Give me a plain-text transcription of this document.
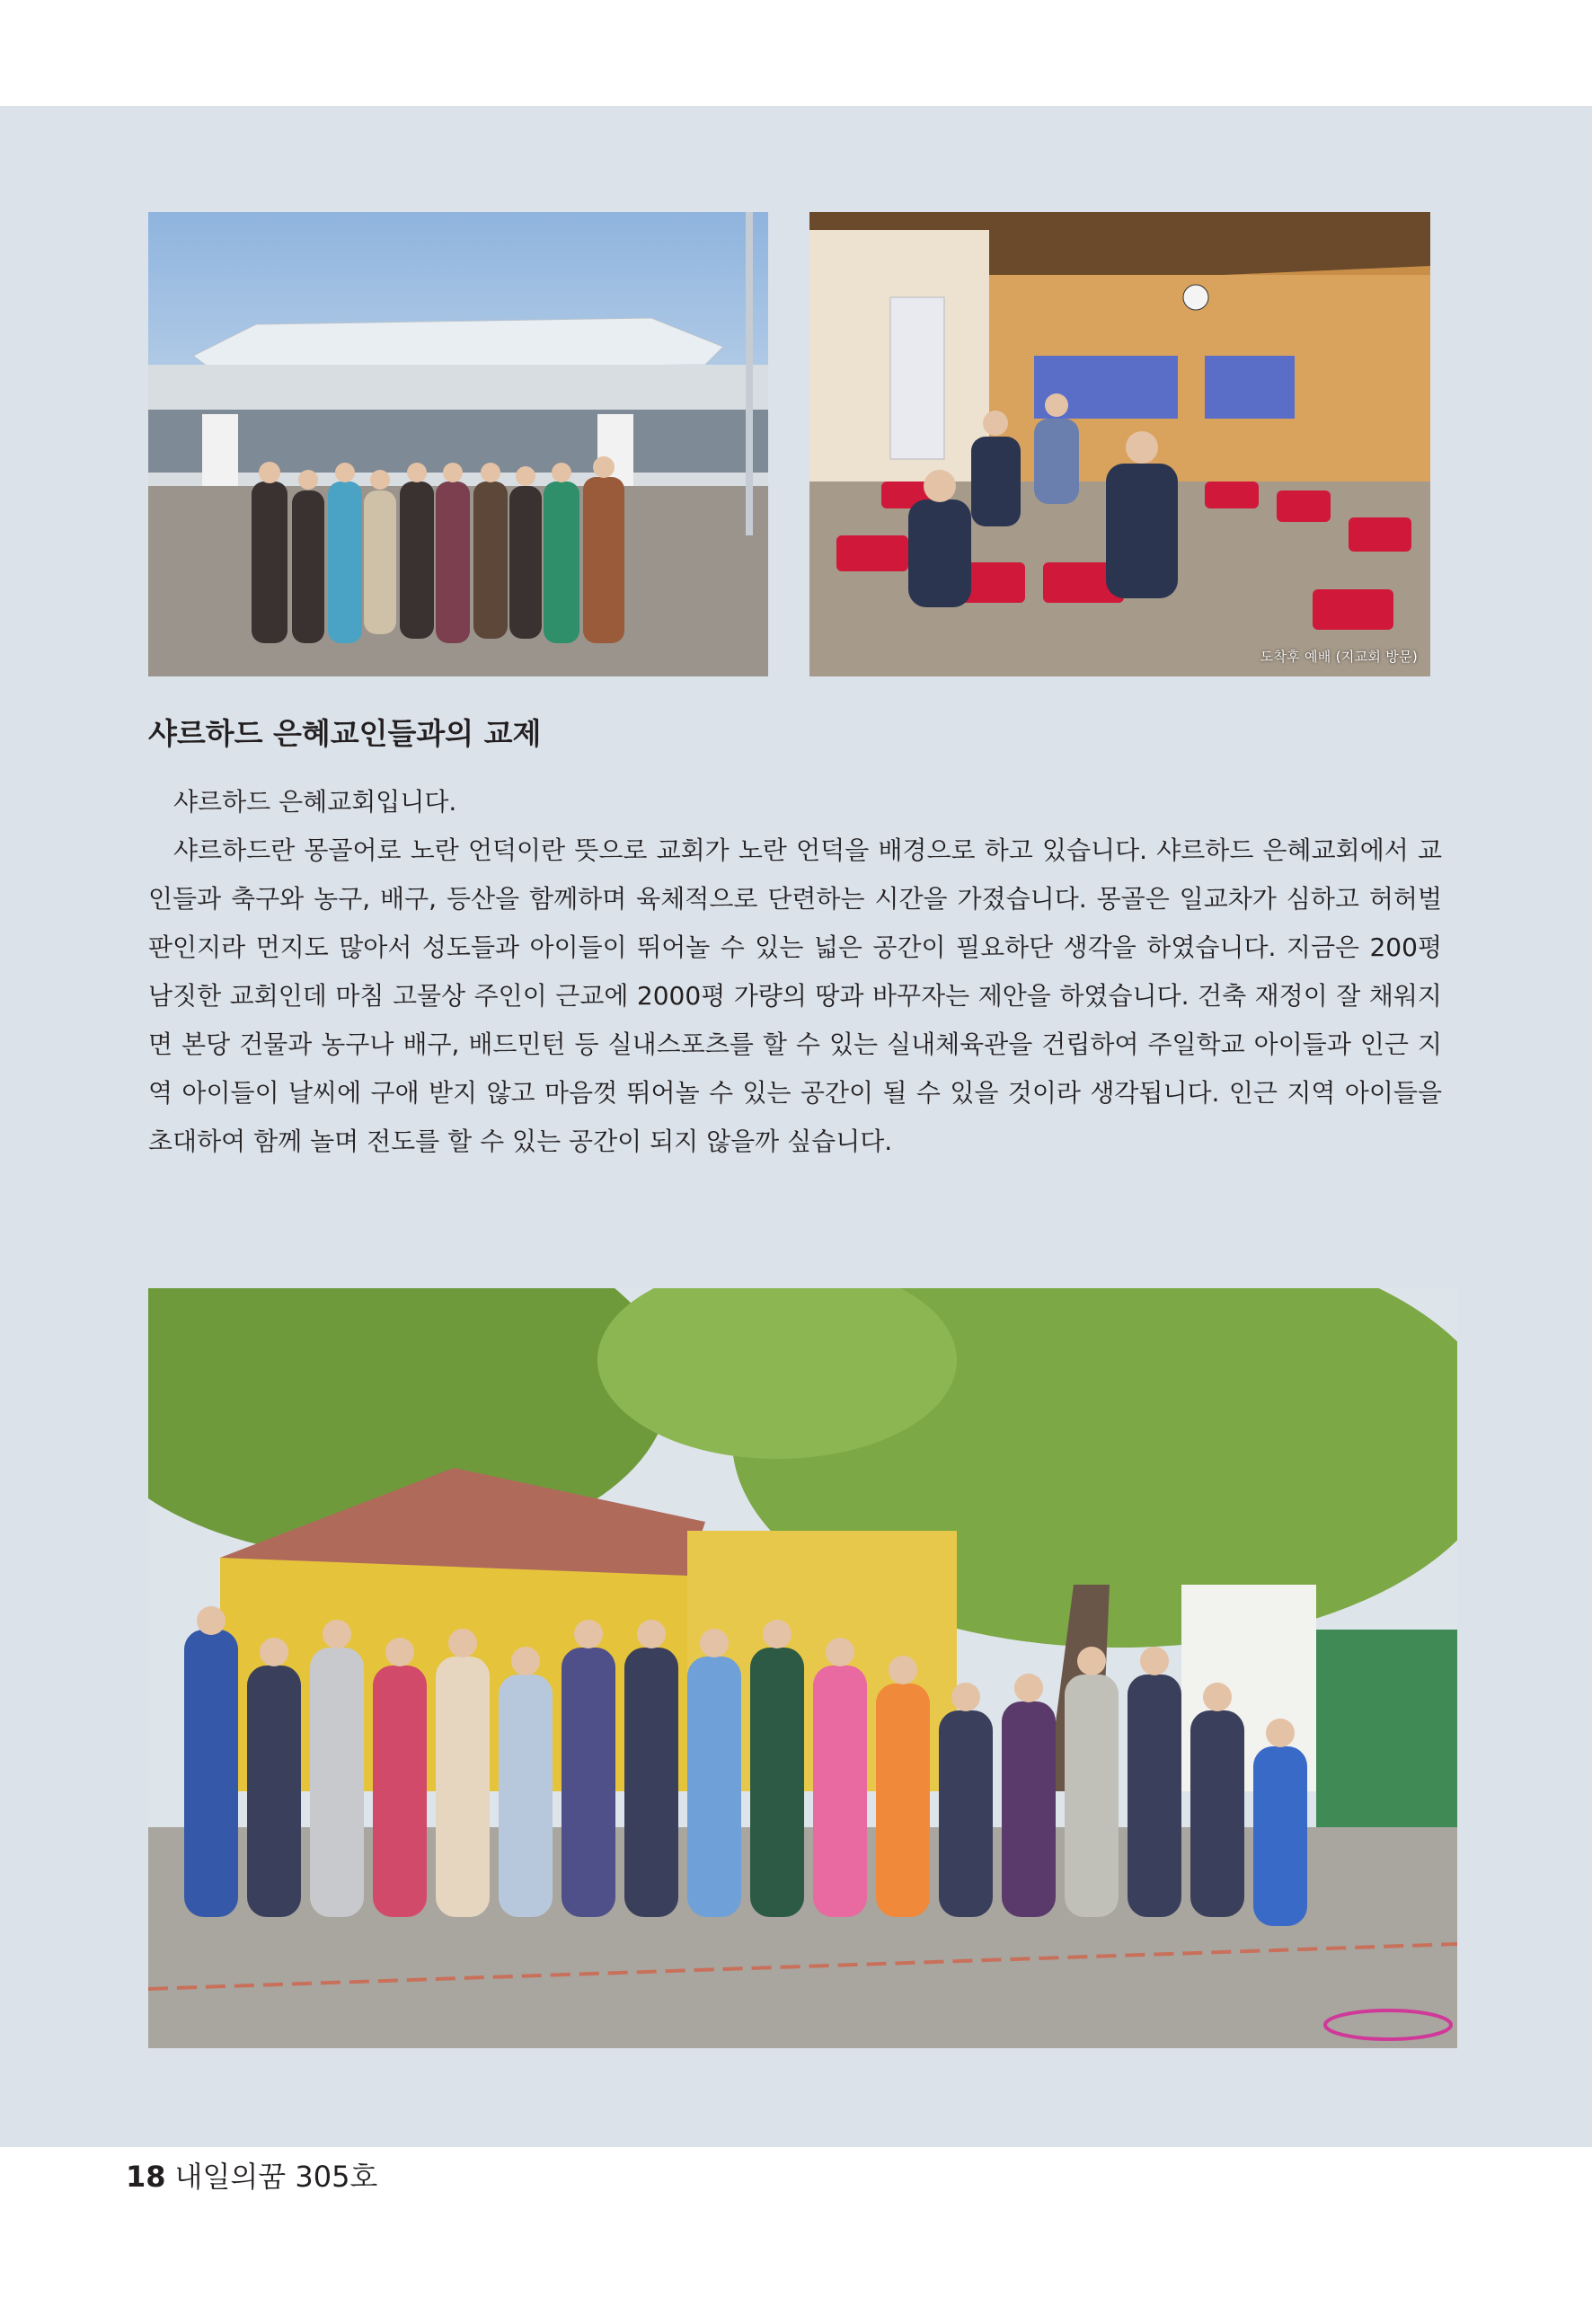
도착후 예배 (지교회 방문)
샤르하드 은혜교인들과의 교제

샤르하드 은혜교회입니다.

샤르하드란 몽골어로 노란 언덕이란 뜻으로 교회가 노란 언덕을 배경으로 하고 있습니다. 샤르하드 은혜교회에서 교인들과 축구와 농구, 배구, 등산을 함께하며 육체적으로 단련하는 시간을 가졌습니다. 몽골은 일교차가 심하고 허허벌판인지라 먼지도 많아서 성도들과 아이들이 뛰어놀 수 있는 넓은 공간이 필요하단 생각을 하였습니다. 지금은 200평 남짓한 교회인데 마침 고물상 주인이 근교에 2000평 가량의 땅과 바꾸자는 제안을 하였습니다. 건축 재정이 잘 채워지면 본당 건물과 농구나 배구, 배드민턴 등 실내스포츠를 할 수 있는 실내체육관을 건립하여 주일학교 아이들과 인근 지역 아이들이 날씨에 구애 받지 않고 마음껏 뛰어놀 수 있는 공간이 될 수 있을 것이라 생각됩니다. 인근 지역 아이들을 초대하여 함께 놀며 전도를 할 수 있는 공간이 되지 않을까 싶습니다.

18 내일의꿈 305호
